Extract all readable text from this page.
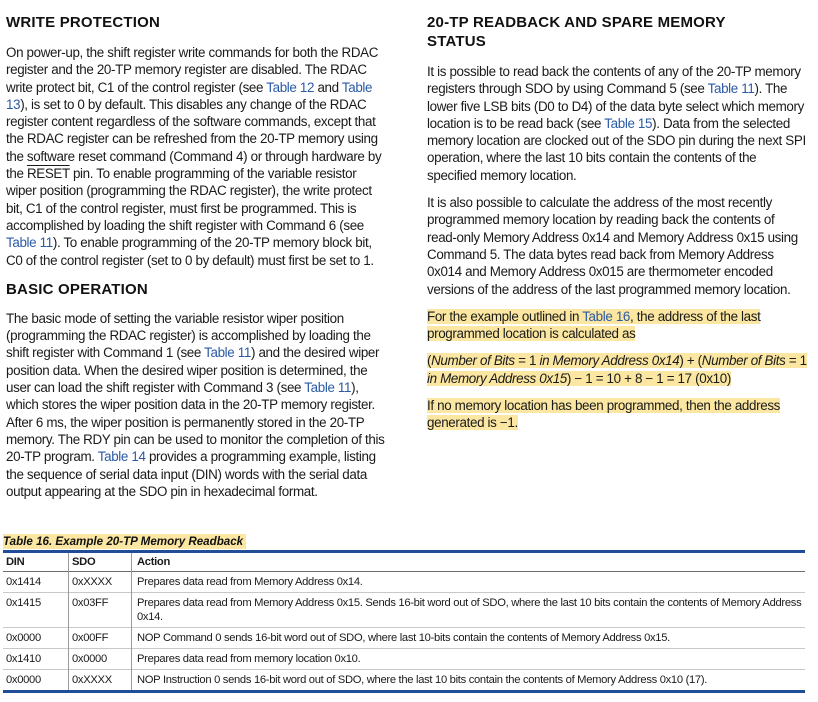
WRITE PROTECTION

On power-up, the shift register write commands for both the RDAC register and the 20-TP memory register are disabled. The RDAC write protect bit, C1 of the control register (see Table 12 and Table 13), is set to 0 by default. This disables any change of the RDAC register content regardless of the software commands, except that the RDAC register can be refreshed from the 20-TP memory using the software reset command (Command 4) or through hardware by the RESET pin. To enable programming of the variable resistor wiper position (programming the RDAC register), the write protect bit, C1 of the control register, must first be programmed. This is accomplished by loading the shift register with Command 6 (see Table 11). To enable programming of the 20-TP memory block bit, C0 of the control register (set to 0 by default) must first be set to 1.

BASIC OPERATION

The basic mode of setting the variable resistor wiper position (programming the RDAC register) is accomplished by loading the shift register with Command 1 (see Table 11) and the desired wiper position data. When the desired wiper position is determined, the user can load the shift register with Command 3 (see Table 11), which stores the wiper position data in the 20-TP memory register. After 6 ms, the wiper position is permanently stored in the 20-TP memory. The RDY pin can be used to monitor the completion of this 20-TP program. Table 14 provides a programming example, listing the sequence of serial data input (DIN) words with the serial data output appearing at the SDO pin in hexadecimal format.

20-TP READBACK AND SPARE MEMORY STATUS

It is possible to read back the contents of any of the 20-TP memory registers through SDO by using Command 5 (see Table 11). The lower five LSB bits (D0 to D4) of the data byte select which memory location is to be read back (see Table 15). Data from the selected memory location are clocked out of the SDO pin during the next SPI operation, where the last 10 bits contain the contents of the specified memory location.

It is also possible to calculate the address of the most recently programmed memory location by reading back the contents of read-only Memory Address 0x14 and Memory Address 0x15 using Command 5. The data bytes read back from Memory Address 0x014 and Memory Address 0x015 are thermometer encoded versions of the address of the last programmed memory location.

For the example outlined in Table 16, the address of the last programmed location is calculated as

(Number of Bits = 1 in Memory Address 0x14) + (Number of Bits = 1 in Memory Address 0x15) − 1 = 10 + 8 − 1 = 17 (0x10)

If no memory location has been programmed, then the address generated is −1.

Table 16. Example 20-TP Memory Readback
DIN	SDO	Action
0x1414	0xXXXX	Prepares data read from Memory Address 0x14.
0x1415	0x03FF	Prepares data read from Memory Address 0x15. Sends 16-bit word out of SDO, where the last 10 bits contain the contents of Memory Address 0x14.
0x0000	0x00FF	NOP Command 0 sends 16-bit word out of SDO, where last 10-bits contain the contents of Memory Address 0x15.
0x1410	0x0000	Prepares data read from memory location 0x10.
0x0000	0xXXXX	NOP Instruction 0 sends 16-bit word out of SDO, where the last 10 bits contain the contents of Memory Address 0x10 (17).
